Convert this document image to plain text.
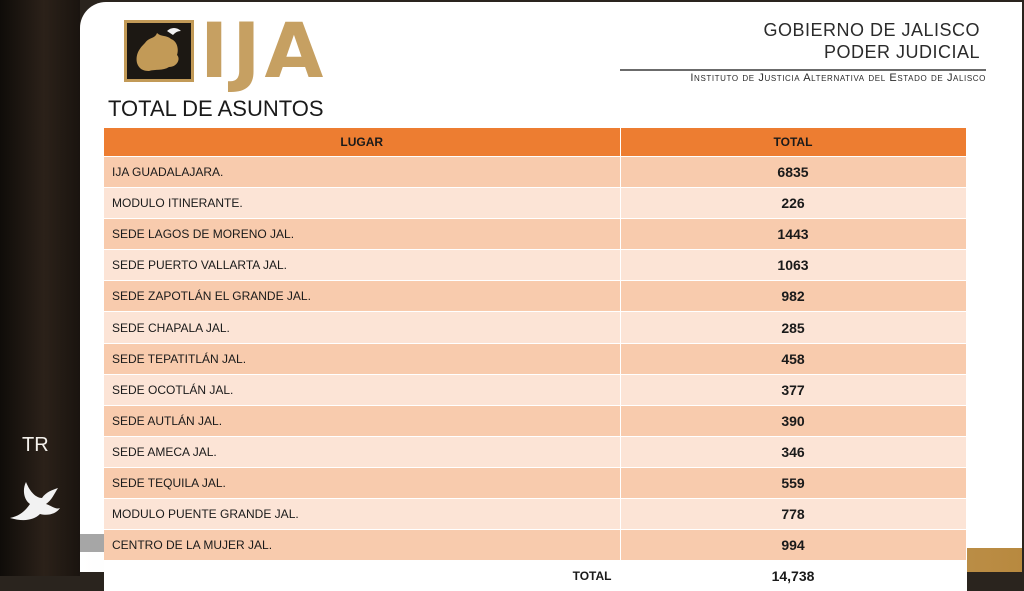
TR
IJA	GOBIERNO DE JALISCO
PODER JUDICIAL
Instituto de Justicia Alternativa del Estado de Jalisco
TOTAL DE ASUNTOS
LUGAR	TOTAL
IJA GUADALAJARA.	6835
MODULO ITINERANTE.	226
SEDE LAGOS DE MORENO JAL.	1443
SEDE PUERTO VALLARTA JAL.	1063
SEDE ZAPOTLÁN EL GRANDE JAL.	982
SEDE CHAPALA JAL.	285
SEDE TEPATITLÁN JAL.	458
SEDE OCOTLÁN JAL.	377
SEDE AUTLÁN JAL.	390
SEDE AMECA JAL.	346
SEDE TEQUILA JAL.	559
MODULO PUENTE GRANDE JAL.	778
CENTRO DE LA MUJER JAL.	994
TOTAL	14,738
